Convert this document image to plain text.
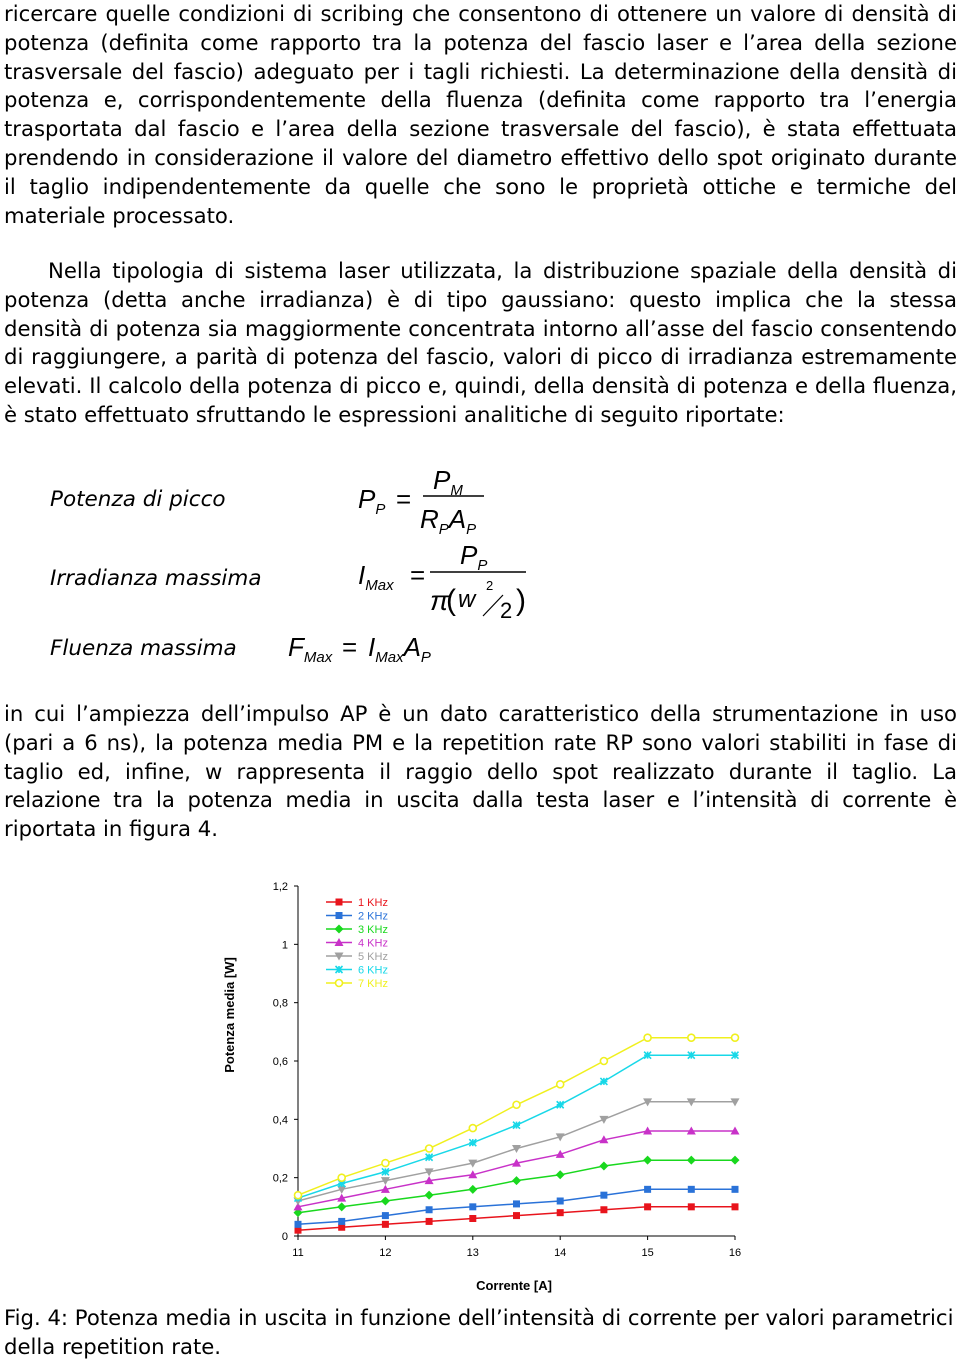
ricercare quelle condizioni di scribing che consentono di ottenere un valore di densità di potenza (definita come rapporto tra la potenza del fascio laser e l’area della sezione trasversale del fascio) adeguato per i tagli richiesti. La determinazione della densità di potenza e, corrispondentemente della fluenza (definita come rapporto tra l’energia trasportata dal fascio e l’area della sezione trasversale del fascio), è stata effettuata prendendo in considerazione il valore del diametro effettivo dello spot originato durante il taglio indipendentemente da quelle che sono le proprietà ottiche e termiche del materiale processato.

Nella tipologia di sistema laser utilizzata, la distribuzione spaziale della densità di potenza (detta anche irradianza) è di tipo gaussiano: questo implica che la stessa densità di potenza sia maggiormente concentrata intorno all’asse del fascio consentendo di raggiungere, a parità di potenza del fascio, valori di picco di irradianza estremamente elevati. Il calcolo della potenza di picco e, quindi, della densità di potenza e della fluenza, è stato effettuato sfruttando le espressioni analitiche di seguito riportate:

Potenza di picco
Irradianza massima
Fluenza massima
$P_P$ =
$P_M$
$R_PA_P$
$I_{Max}$ =
$P_P$
π
( w
2
2 )
$F_{Max} = I_{Max}A_P$

in cui l’ampiezza dell’impulso AP è un dato caratteristico della strumentazione in uso (pari a 6 ns), la potenza media PM e la repetition rate RP sono valori stabiliti in fase di taglio ed, infine, w rappresenta il raggio dello spot realizzato durante il taglio. La relazione tra la potenza media in uscita dalla testa laser e l’intensità di corrente è riportata in figura 4.

Potenza media [W]
Corrente [A]
0
0,2
0,4
0,6
0,8
1
1,2
11	12	13	14	15	16
1 KHz
2 KHz
3 KHz
4 KHz
5 KHz
6 KHz
7 KHz

Fig. 4: Potenza media in uscita in funzione dell’intensità di corrente per valori parametrici della repetition rate.
